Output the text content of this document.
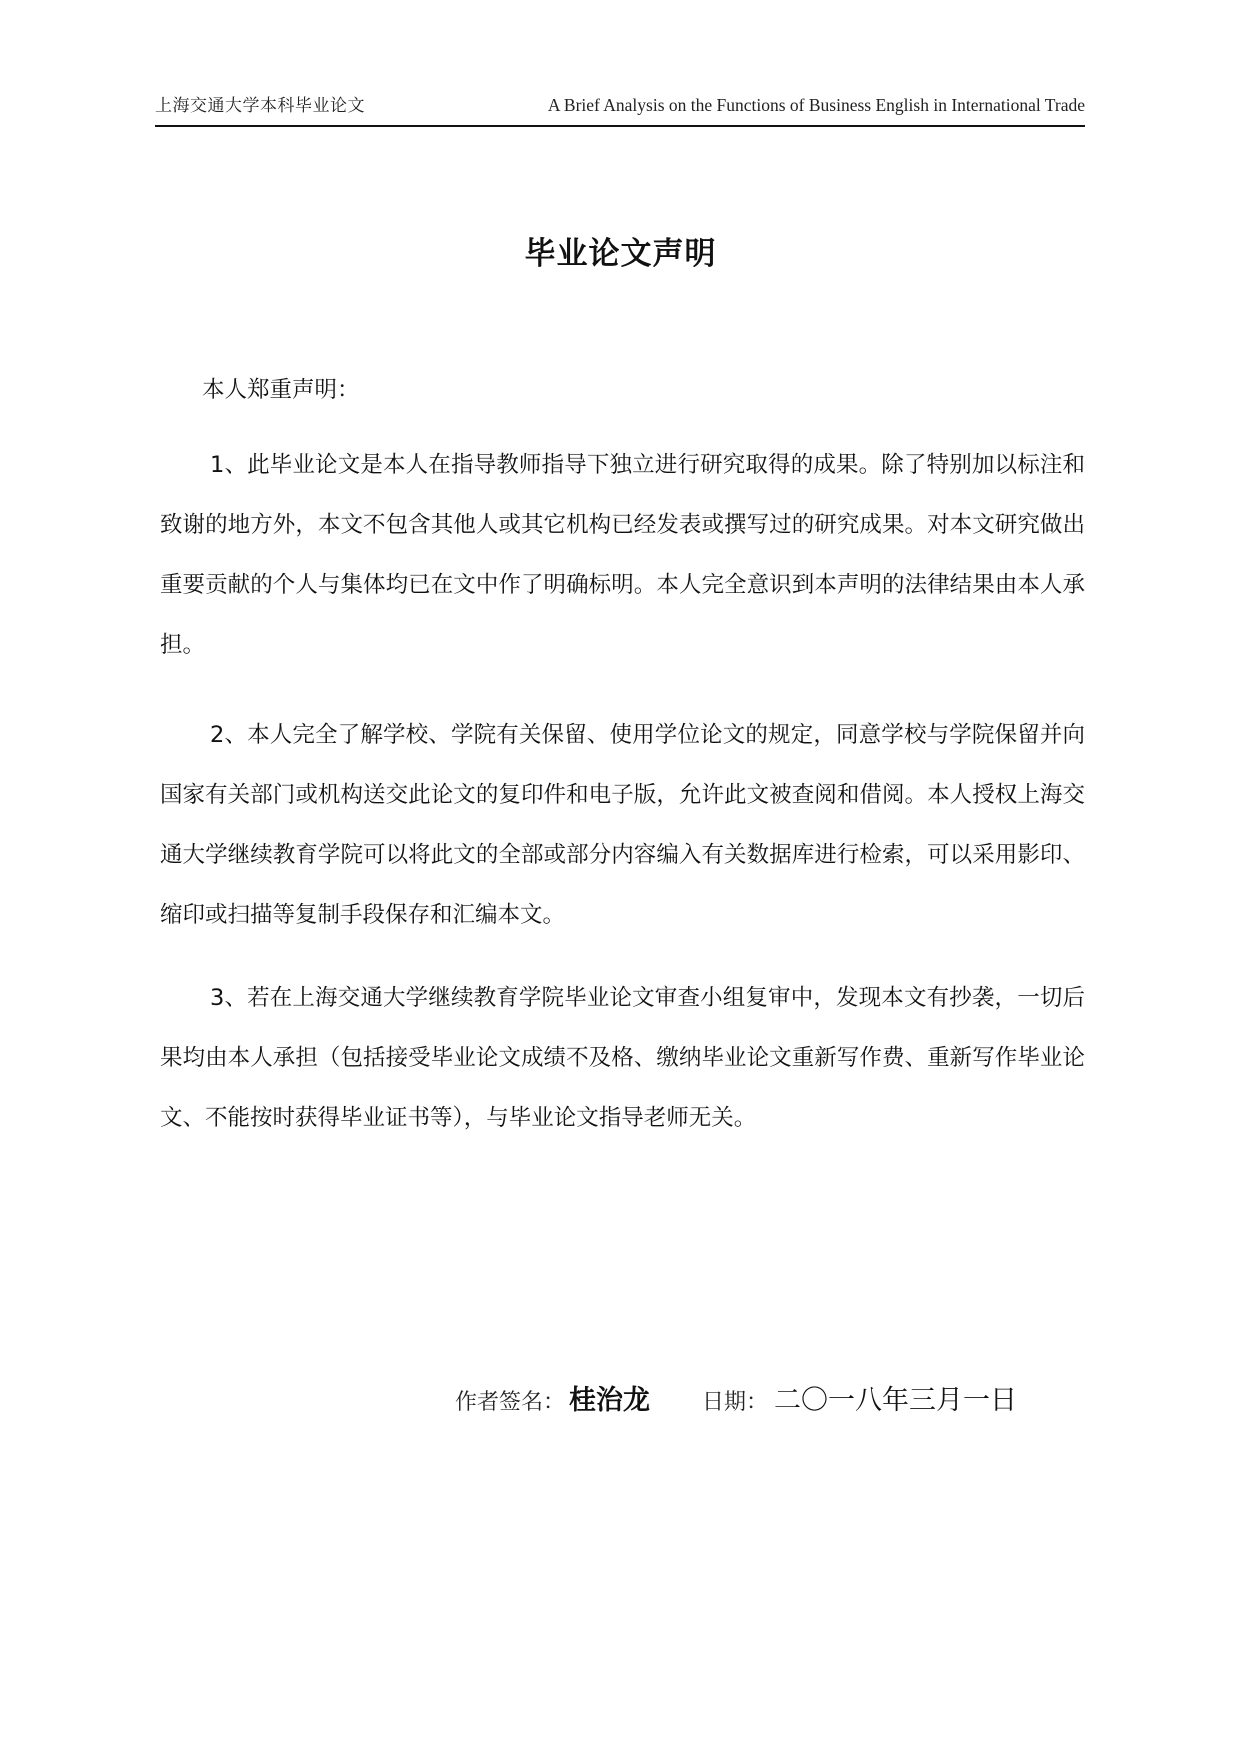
上海交通大学本科毕业论文	A Brief Analysis on the Functions of Business English in International Trade
毕业论文声明
本人郑重声明：
1、此毕业论文是本人在指导教师指导下独立进行研究取得的成果。除了特别加以标注和致谢的地方外，本文不包含其他人或其它机构已经发表或撰写过的研究成果。对本文研究做出重要贡献的个人与集体均已在文中作了明确标明。本人完全意识到本声明的法律结果由本人承担。
2、本人完全了解学校、学院有关保留、使用学位论文的规定，同意学校与学院保留并向国家有关部门或机构送交此论文的复印件和电子版，允许此文被查阅和借阅。本人授权上海交通大学继续教育学院可以将此文的全部或部分内容编入有关数据库进行检索，可以采用影印、缩印或扫描等复制手段保存和汇编本文。
3、若在上海交通大学继续教育学院毕业论文审查小组复审中，发现本文有抄袭，一切后果均由本人承担（包括接受毕业论文成绩不及格、缴纳毕业论文重新写作费、重新写作毕业论文、不能按时获得毕业证书等），与毕业论文指导老师无关。
作者签名： 桂治龙 日期： 二〇一八年三月一日
